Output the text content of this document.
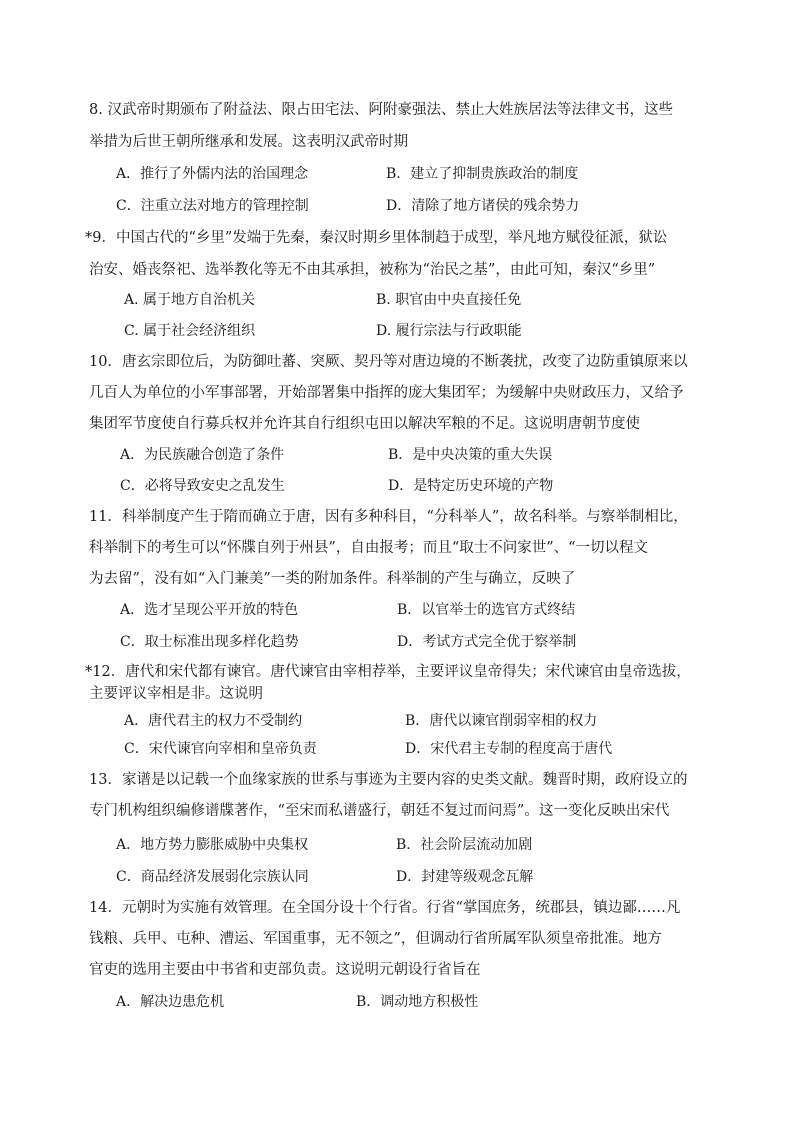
8. 汉武帝时期颁布了附益法、限占田宅法、阿附豪强法、禁止大姓族居法等法律文书，这些
举措为后世王朝所继承和发展。这表明汉武帝时期
A．推行了外儒内法的治国理念	B．建立了抑制贵族政治的制度
C．注重立法对地方的管理控制	D．清除了地方诸侯的残余势力
*9．中国古代的“乡里”发端于先秦，秦汉时期乡里体制趋于成型，举凡地方赋役征派，狱讼
治安、婚丧祭祀、选举教化等无不由其承担，被称为“治民之基”，由此可知，秦汉“乡里”
A. 属于地方自治机关	B. 职官由中央直接任免
C. 属于社会经济组织	D. 履行宗法与行政职能
10．唐玄宗即位后，为防御吐蕃、突厥、契丹等对唐边境的不断袭扰，改变了边防重镇原来以
几百人为单位的小军事部署，开始部署集中指挥的庞大集团军；为缓解中央财政压力，又给予
集团军节度使自行募兵权并允许其自行组织屯田以解决军粮的不足。这说明唐朝节度使
A．为民族融合创造了条件	B．是中央决策的重大失误
C．必将导致安史之乱发生	D．是特定历史环境的产物
11．科举制度产生于隋而确立于唐，因有多种科目，“分科举人”，故名科举。与察举制相比，
科举制下的考生可以“怀牒自列于州县”，自由报考；而且“取士不问家世”、“一切以程文
为去留”，没有如“入门兼美”一类的附加条件。科举制的产生与确立，反映了
A．选才呈现公平开放的特色	B．以官举士的选官方式终结
C．取士标准出现多样化趋势	D．考试方式完全优于察举制
*12．唐代和宋代都有谏官。唐代谏官由宰相荐举，主要评议皇帝得失；宋代谏官由皇帝选拔，
主要评议宰相是非。这说明
A．唐代君主的权力不受制约	B．唐代以谏官削弱宰相的权力
C．宋代谏官向宰相和皇帝负责	D．宋代君主专制的程度高于唐代
13．家谱是以记载一个血缘家族的世系与事迹为主要内容的史类文献。魏晋时期，政府设立的
专门机构组织编修谱牒著作，“至宋而私谱盛行，朝廷不复过而问焉”。这一变化反映出宋代
A．地方势力膨胀威胁中央集权	B．社会阶层流动加剧
C．商品经济发展弱化宗族认同	D．封建等级观念瓦解
14．元朝时为实施有效管理。在全国分设十个行省。行省“掌国庶务，统郡县，镇边鄙……凡
钱粮、兵甲、屯种、漕运、军国重事，无不领之”，但调动行省所属军队须皇帝批准。地方
官吏的选用主要由中书省和吏部负责。这说明元朝设行省旨在
A．解决边患危机	B．调动地方积极性
